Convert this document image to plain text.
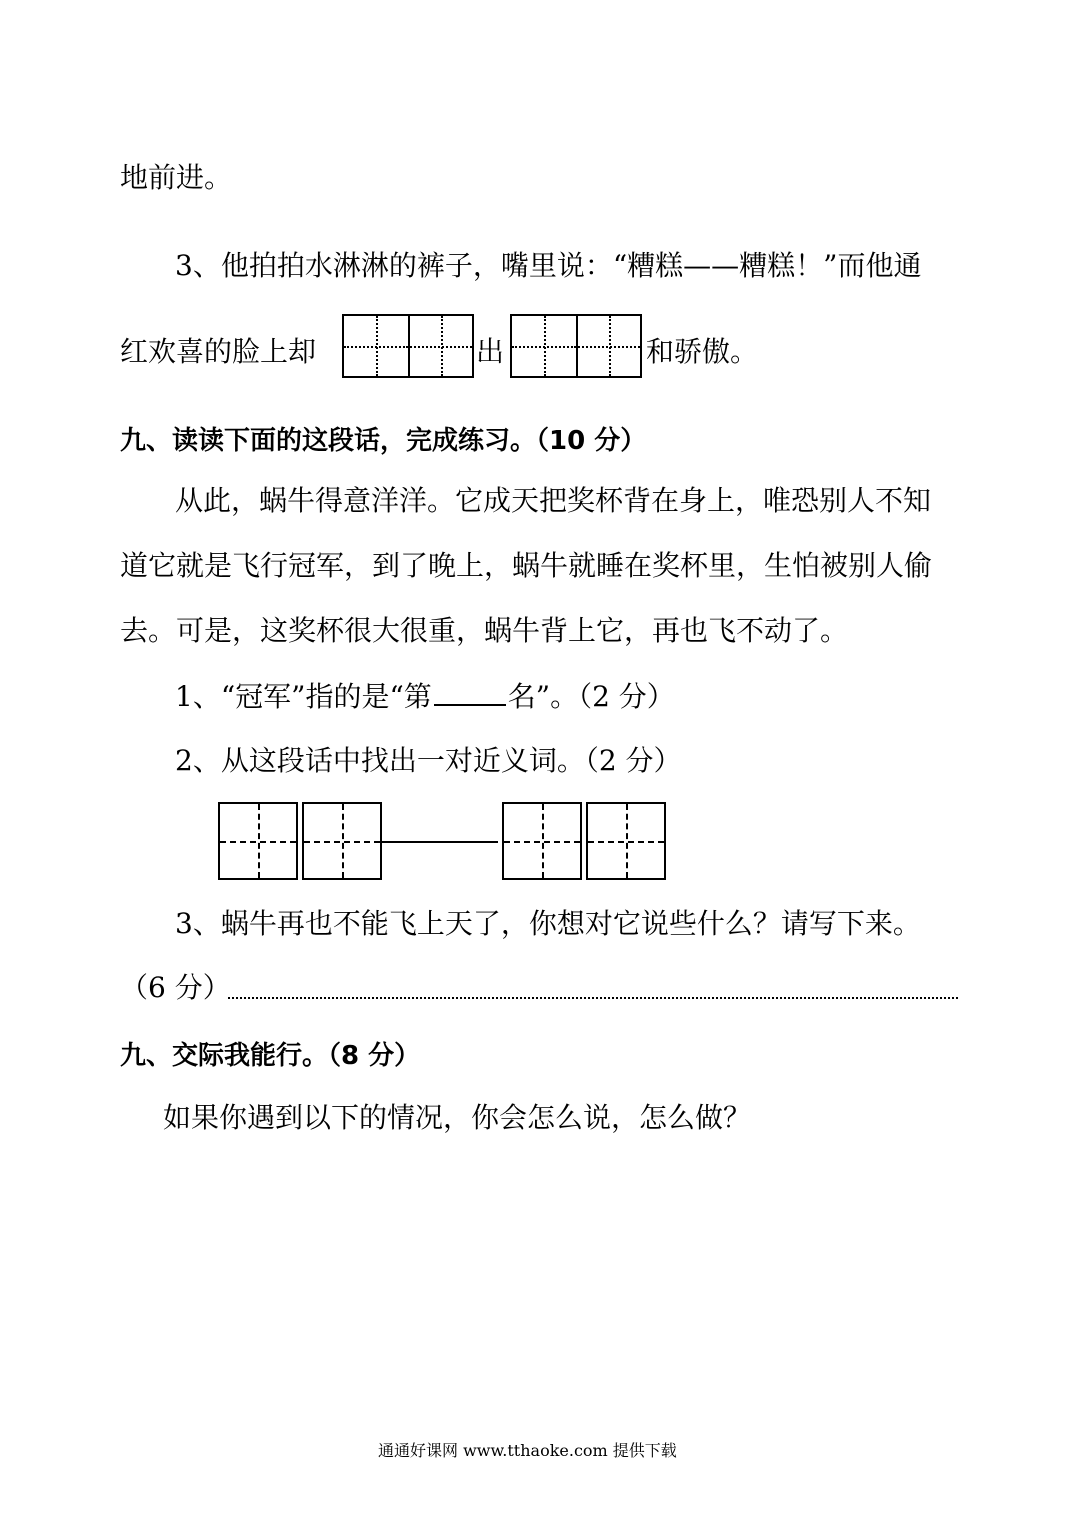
地前进。
3、他拍拍水淋淋的裤子，嘴里说：“糟糕——糟糕！”而他通
红欢喜的脸上却	出	和骄傲。
九、读读下面的这段话，完成练习。（10 分）
从此，蜗牛得意洋洋。它成天把奖杯背在身上，唯恐别人不知
道它就是飞行冠军，到了晚上，蜗牛就睡在奖杯里，生怕被别人偷
去。可是，这奖杯很大很重，蜗牛背上它，再也飞不动了。
1、“冠军”指的是“第	名”。（2 分）
2、从这段话中找出一对近义词。（2 分）
3、蜗牛再也不能飞上天了，你想对它说些什么？请写下来。
（6 分）
九、交际我能行。（8 分）
如果你遇到以下的情况，你会怎么说，怎么做？
通通好课网 www.tthaoke.com 提供下载
